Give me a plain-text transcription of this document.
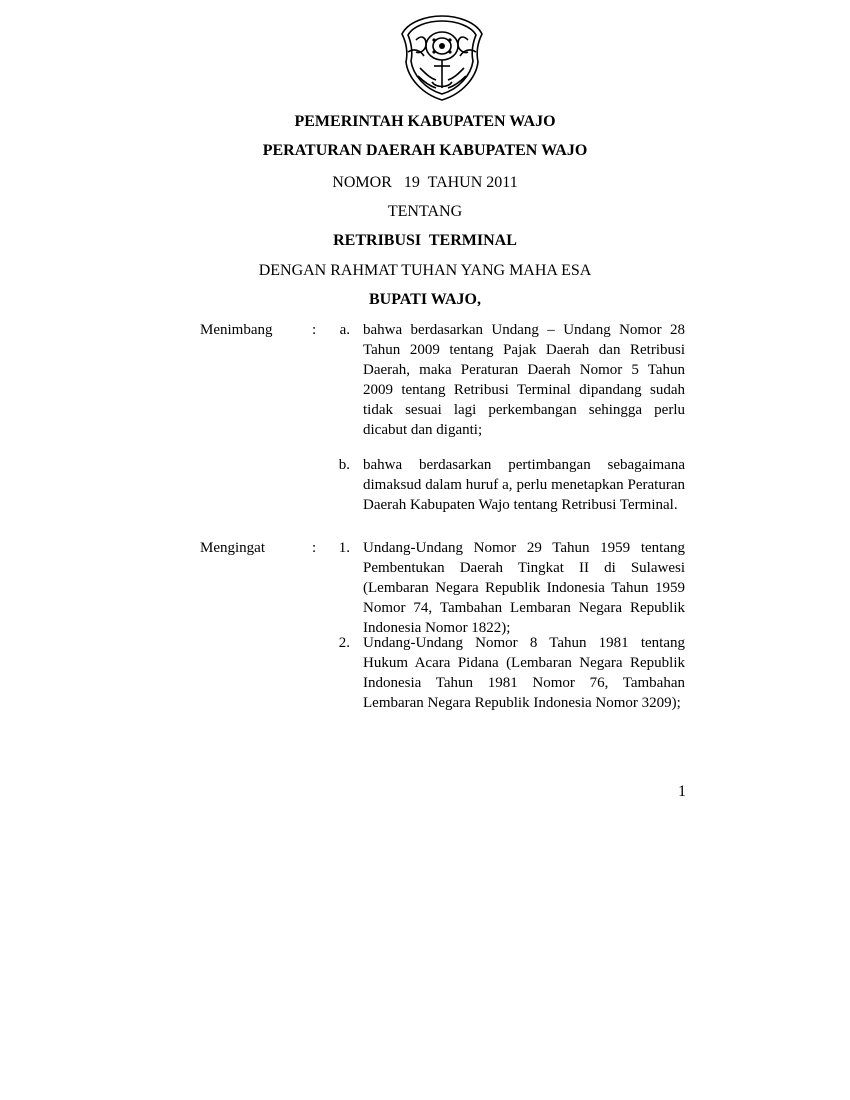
PEMERINTAH KABUPATEN WAJO
PERATURAN DAERAH KABUPATEN WAJO
NOMOR   19  TAHUN 2011
TENTANG
RETRIBUSI  TERMINAL
DENGAN RAHMAT TUHAN YANG MAHA ESA
BUPATI WAJO,
Menimbang	:	a. bahwa berdasarkan Undang – Undang Nomor 28 Tahun 2009 tentang Pajak Daerah dan Retribusi Daerah, maka Peraturan Daerah Nomor 5 Tahun 2009 tentang Retribusi Terminal dipandang sudah tidak sesuai lagi perkembangan sehingga perlu dicabut dan diganti;
b. bahwa berdasarkan pertimbangan sebagaimana dimaksud dalam huruf a, perlu menetapkan Peraturan Daerah Kabupaten Wajo tentang Retribusi Terminal.
Mengingat	:	1. Undang-Undang Nomor 29 Tahun 1959 tentang Pembentukan Daerah Tingkat II di Sulawesi (Lembaran Negara Republik Indonesia Tahun 1959 Nomor 74, Tambahan Lembaran Negara Republik Indonesia Nomor 1822);
2. Undang-Undang Nomor 8 Tahun 1981 tentang Hukum Acara Pidana (Lembaran Negara Republik Indonesia Tahun 1981 Nomor 76, Tambahan Lembaran Negara Republik Indonesia Nomor 3209);
1
